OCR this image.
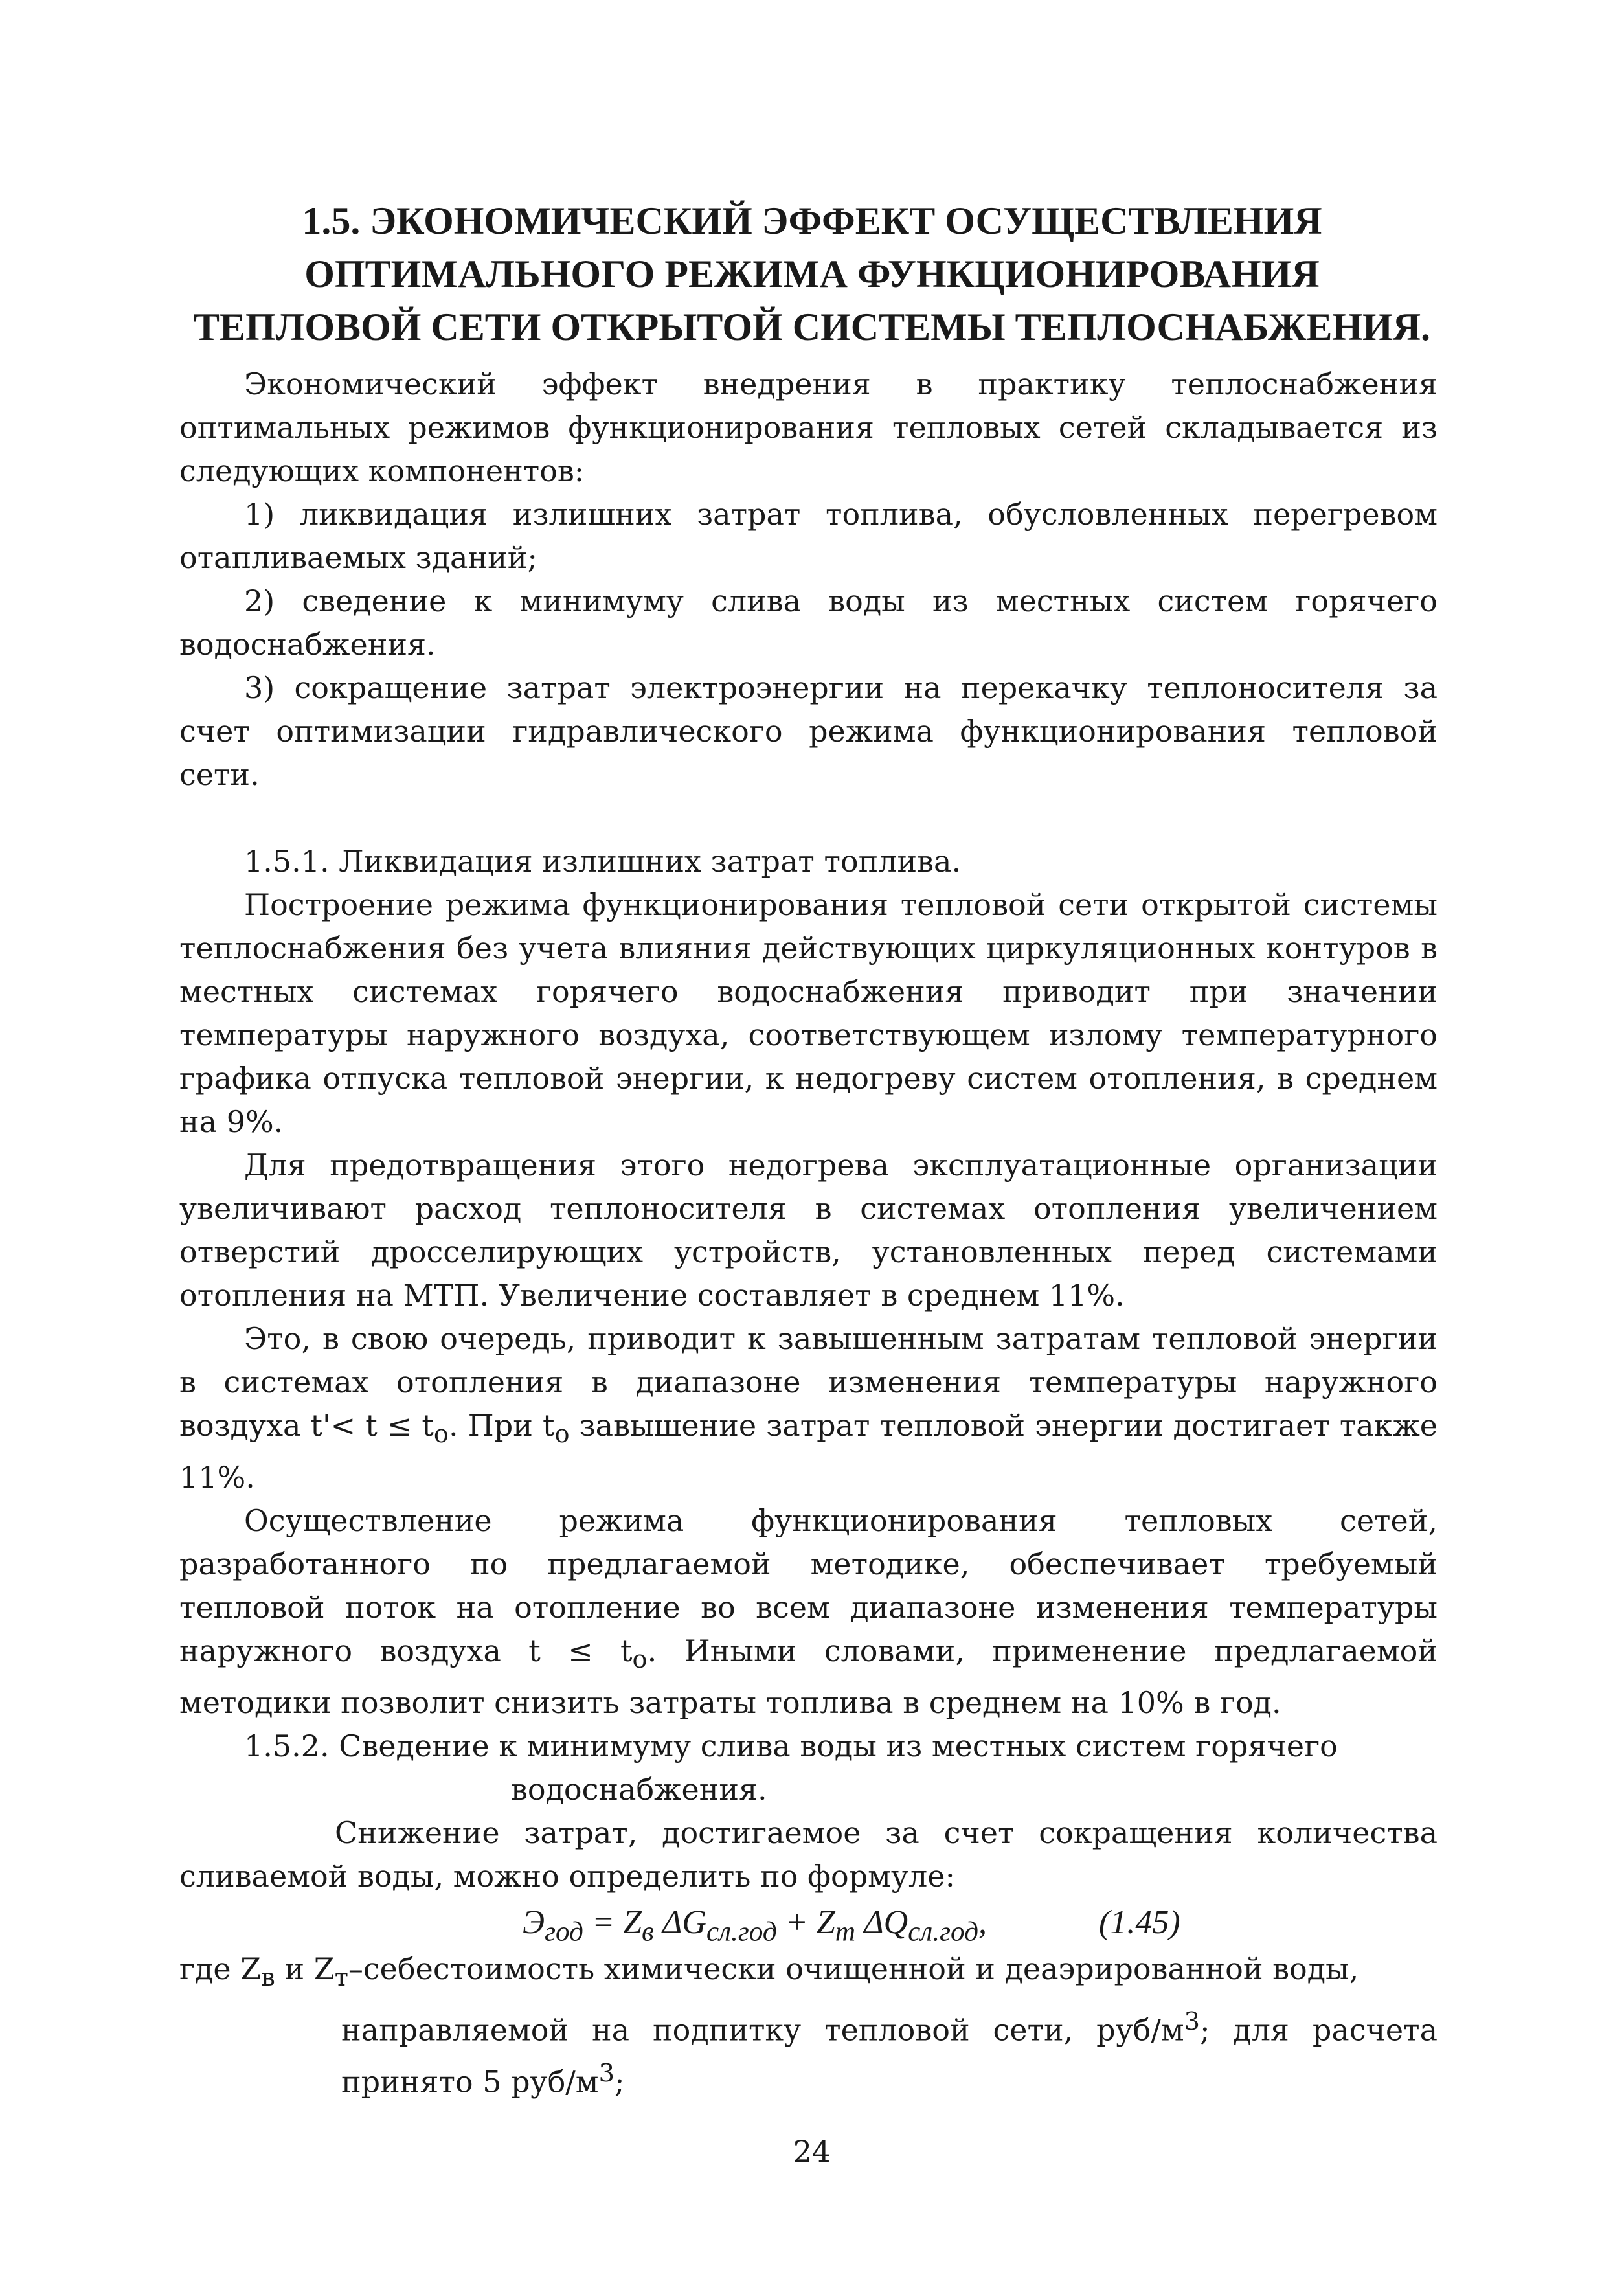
1.5. ЭКОНОМИЧЕСКИЙ ЭФФЕКТ ОСУЩЕСТВЛЕНИЯ
ОПТИМАЛЬНОГО РЕЖИМА ФУНКЦИОНИРОВАНИЯ
ТЕПЛОВОЙ СЕТИ ОТКРЫТОЙ СИСТЕМЫ ТЕПЛОСНАБЖЕНИЯ.

Экономический эффект внедрения в практику теплоснабжения оптимальных режимов функционирования тепловых сетей складывается из следующих компонентов:

1) ликвидация излишних затрат топлива, обусловленных перегревом отапливаемых зданий;

2) сведение к минимуму слива воды из местных систем горячего водоснабжения.

3) сокращение затрат электроэнергии на перекачку теплоносителя за счет оптимизации гидравлического режима функционирования тепловой сети.

1.5.1. Ликвидация излишних затрат топлива.

Построение режима функционирования тепловой сети открытой системы теплоснабжения без учета влияния действующих циркуляционных контуров в местных системах горячего водоснабжения приводит при значении температуры наружного воздуха, соответствующем излому температурного графика отпуска тепловой энергии, к недогреву систем отопления, в среднем на 9%.

Для предотвращения этого недогрева эксплуатационные организации увеличивают расход теплоносителя в системах отопления увеличением отверстий дросселирующих устройств, установленных перед системами отопления на МТП. Увеличение составляет в среднем 11%.

Это, в свою очередь, приводит к завышенным затратам тепловой энергии в системах отопления в диапазоне изменения температуры наружного воздуха $t'< t \le t_о$. При $t_о$ завышение затрат тепловой энергии достигает также 11%.

Осуществление режима функционирования тепловых сетей, разработанного по предлагаемой методике, обеспечивает требуемый тепловой поток на отопление во всем диапазоне изменения температуры наружного воздуха $t \le t_о$. Иными словами, применение предлагаемой методики позволит снизить затраты топлива в среднем на 10% в год.

1.5.2. Сведение к минимуму слива воды из местных систем горячего

водоснабжения.

Снижение затрат, достигаемое за счет сокращения количества сливаемой воды, можно определить по формуле:

$Э_{год} = Z_в$ $\Delta G_{сл.год} + Z_т$ $\Delta Q_{сл.год}$,	(1.45)

где $Z_в$ и $Z_т$–себестоимость химически очищенной и деаэрированной воды,

направляемой на подпитку тепловой сети, руб/$м^3$; для расчета принято 5 руб/$м^3$;

24
